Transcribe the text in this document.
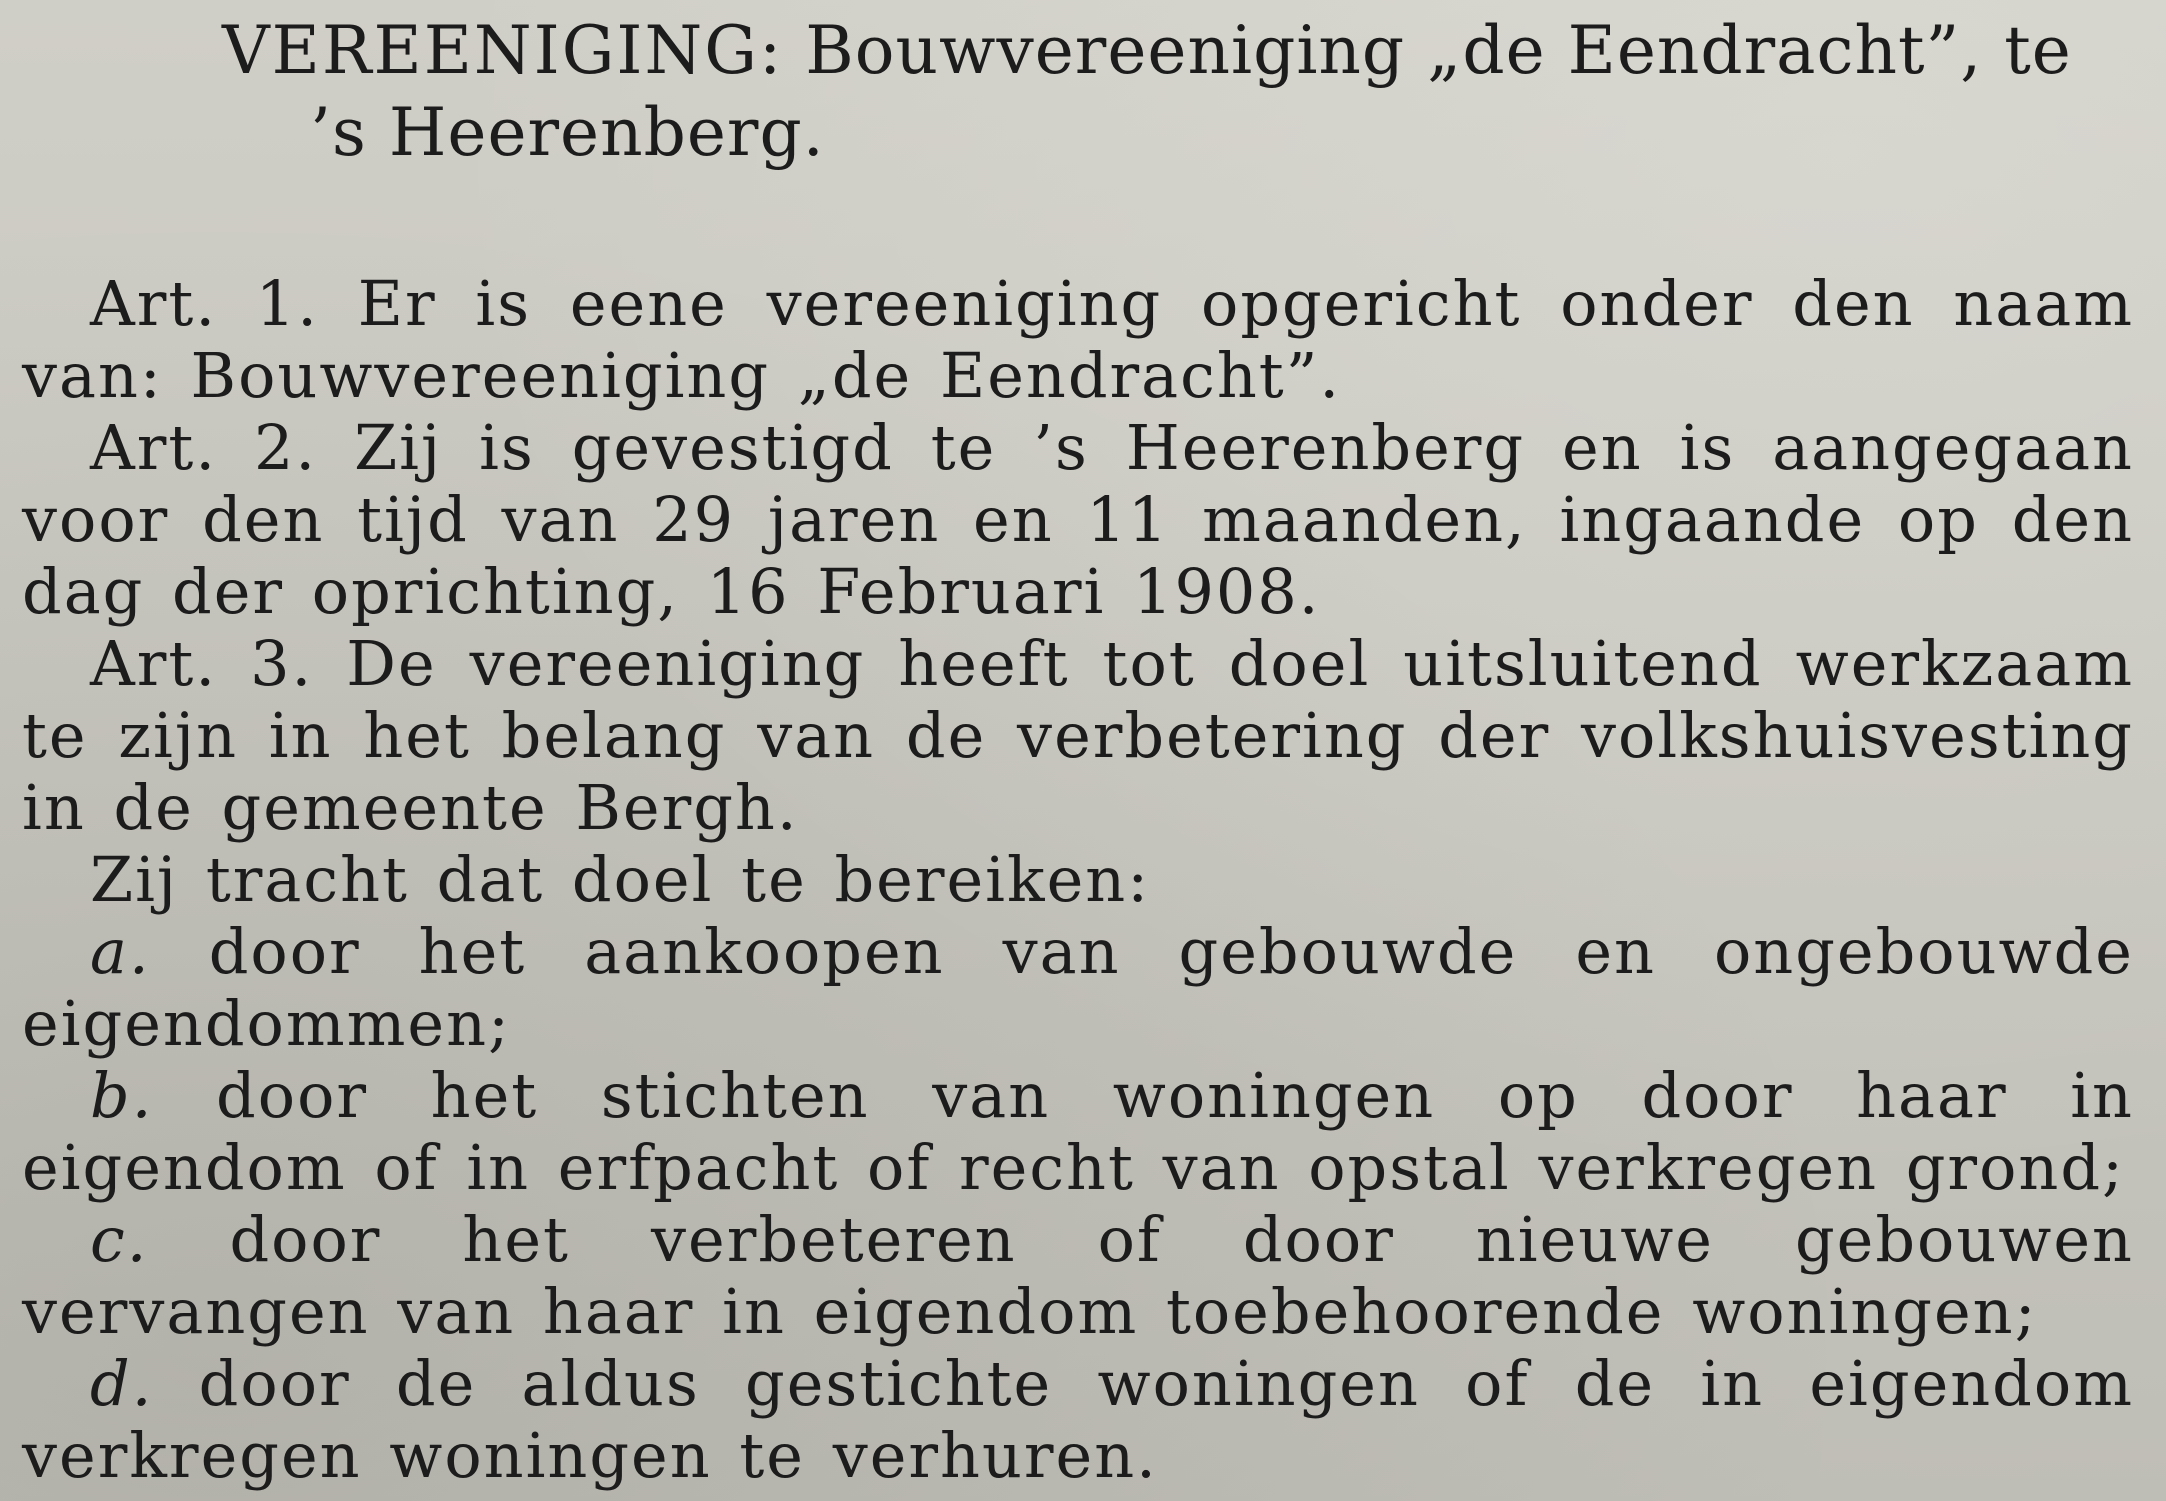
VEREENIGING: Bouwvereeniging „de Eendracht”, te
’s Heerenberg.

Art. 1. Er is eene vereeniging opgericht onder den naam van: Bouwvereeniging „de Eendracht”.

Art. 2. Zij is gevestigd te ’s Heerenberg en is aangegaan voor den tijd van 29 jaren en 11 maanden, ingaande op den dag der oprichting, 16 Februari 1908.

Art. 3. De vereeniging heeft tot doel uitsluitend werkzaam te zijn in het belang van de verbetering der volkshuisvesting in de gemeente Bergh.

Zij tracht dat doel te bereiken:

a. door het aankoopen van gebouwde en ongebouwde eigendommen;

b. door het stichten van woningen op door haar in eigendom of in erfpacht of recht van opstal verkregen grond;

c. door het verbeteren of door nieuwe gebouwen vervangen van haar in eigendom toebehoorende woningen;

d. door de aldus gestichte woningen of de in eigendom verkregen woningen te verhuren.
